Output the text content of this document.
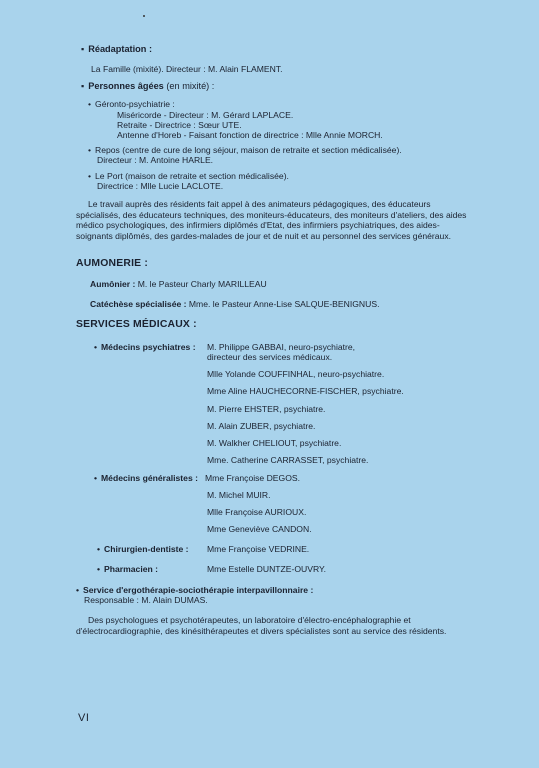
▪ Réadaptation :
La Famille (mixité). Directeur : M. Alain FLAMENT.
▪ Personnes âgées (en mixité) :
• Géronto-psychiatrie :
Miséricorde - Directeur : M. Gérard LAPLACE.
Retraite - Directrice : Sœur UTE.
Antenne d'Horeb - Faisant fonction de directrice : Mlle Annie MORCH.
• Repos (centre de cure de long séjour, maison de retraite et section médicalisée).
Directeur : M. Antoine HARLE.
• Le Port (maison de retraite et section médicalisée).
Directrice : Mlle Lucie LACLOTE.
Le travail auprès des résidents fait appel à des animateurs pédagogiques, des éducateurs spécialisés, des éducateurs techniques, des moniteurs-éducateurs, des moniteurs d'ateliers, des aides médico psychologiques, des infirmiers diplômés d'Etat, des infirmiers psychiatriques, des aides-soignants diplômés, des gardes-malades de jour et de nuit et au personnel des services généraux.
AUMONERIE :
Aumônier : M. le Pasteur Charly MARILLEAU
Catéchèse spécialisée : Mme. le Pasteur Anne-Lise SALQUE-BENIGNUS.
SERVICES MÉDICAUX :
• Médecins psychiatres : M. Philippe GABBAI, neuro-psychiatre,
directeur des services médicaux.
Mlle Yolande COUFFINHAL, neuro-psychiatre.
Mme Aline HAUCHECORNE-FISCHER, psychiatre.
M. Pierre EHSTER, psychiatre.
M. Alain ZUBER, psychiatre.
M. Walkher CHELIOUT, psychiatre.
Mme. Catherine CARRASSET, psychiatre.
• Médecins généralistes : Mme Françoise DEGOS.
M. Michel MUIR.
Mlle Françoise AURIOUX.
Mme Geneviève CANDON.
• Chirurgien-dentiste : Mme Françoise VEDRINE.
• Pharmacien :	Mme Estelle DUNTZE-OUVRY.
• Service d'ergothérapie-sociothérapie interpavillonnaire :
Responsable : M. Alain DUMAS.
Des psychologues et psychotérapeutes, un laboratoire d'électro-encéphalographie et d'électrocardiographie, des kinésithérapeutes et divers spécialistes sont au service des résidents.
VI
